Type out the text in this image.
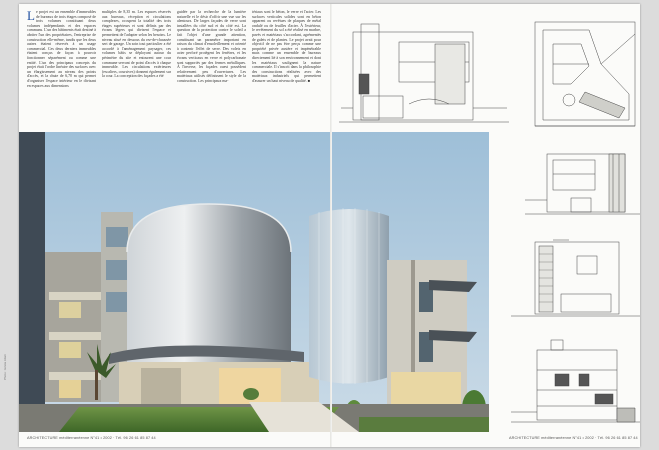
Le projet est un ensemble d'immeubles de bureaux de trois étages composé de trois volumes constituant deux volumes indépendants et des espaces communs. L'un des bâtiments était destiné à abriter l'un des propriétaires, l'entreprise de construction elle-même, tandis que les deux autres étaient réservés à un usage commercial. Ces deux derniers immeubles étaient conçus de façon à pouvoir fonctionner séparément ou comme une entité. L'un des principaux concepts du projet était l'ordre linéaire des surfaces avec un élargissement au niveau des points d'accès, et la chute de 6,70 m qui permet d'organiser l'espace intérieur en le divisant en espaces aux dimensions

multiples de 8,35 m. Les espaces réservés aux bureaux, réception et circulations complexes, occupent la totalité des trois étages supérieurs et sont définis par des écrans légers qui divisent l'espace et permettent de l'adapter selon les besoins. Le niveau situé en dessous du rez-de-chaussée sert de garage. Un soin tout particulier a été accordé à l'aménagement paysager, ces volumes bâtis se déployant autour du périmètre du site et entourent une cour commune servant de point d'accès à chaque immeuble. Les circulations extérieures (escaliers, coursives) donnent également sur la cour. La conception des façades a été

guidée par la recherche de la lumière naturelle et le désir d'offrir une vue sur les alentours. De larges façades de verre sont installées du côté sud et du côté est. La question de la protection contre le soleil a fait l'objet d'une grande attention, constituant un paramètre important en raison du climat d'ensoleillement et orienté à contenir l'effet de serre. Des volets en acier perforé protègent les fenêtres, et les écrans verticaux en verre et polycarbonate sont supportés par des fermes métalliques. À l'inverse, les façades ouest possèdent relativement peu d'ouvertures. Les matériaux utilisés définissent le style de la construction. Les principaux ma-

tériaux sont le béton, le verre et l'acier. Les surfaces verticales solides sont en béton apparent ou revêtues de plaques de métal ondulé ou de feuilles d'acier. À l'extérieur, le revêtement du sol a été réalisé en marbre, pavés et matériaux s'accordant, agrémentés de galets et de plantes. Le projet avait pour objectif de ne pas être perçu comme une propriété privée austère et impénétrable mais comme un ensemble de bureaux directement lié à son environnement et dont les matériaux soulignent la nature commerciale. Il s'inscrit dans la philosophie des constructions réalisées avec des matériaux industriels qui permettent d'assurer un haut niveau de qualité. ■

ARCHITECTURE méditerranéenne N°41 • 2002 · Tél. 96 26 61 85 87 44	ARCHITECTURE méditerranéenne N°41 • 2002 · Tél. 96 26 61 85 87 44
Photo : Erieta Attali
